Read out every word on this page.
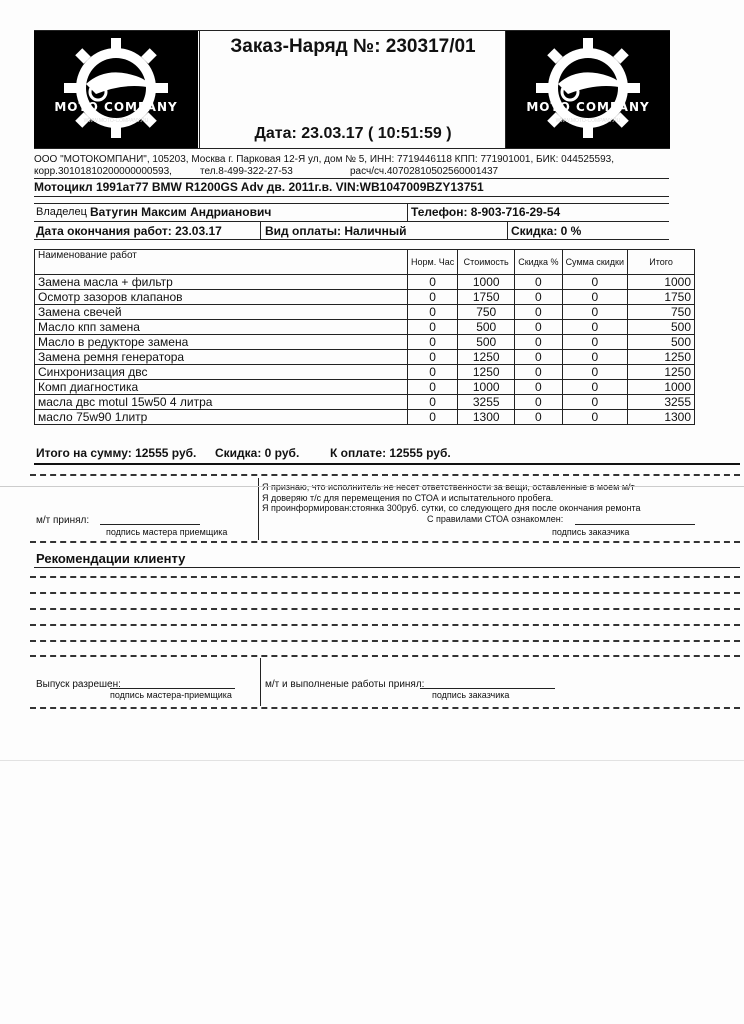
MOTO COMPANY
WWW.MOTO-COMPANY.RU
MOTO COMPANY
WWW.MOTO-COMPANY.RU
Заказ-Наряд №: 230317/01
Дата: 23.03.17 ( 10:51:59 )
ООО "МОТОКОМПАНИ", 105203, Москва г. Парковая 12-Я ул, дом № 5, ИНН: 7719446118 КПП: 771901001, БИК: 044525593,
корр.30101810200000000593,	тел.8-499-322-27-53	расч/сч.40702810502560001437
Мотоцикл 1991ат77 BMW R1200GS Adv дв. 2011г.в. VIN:WB1047009BZY13751
Владелец Ватугин Максим Андрианович	Телефон: 8-903-716-29-54
Дата окончания работ: 23.03.17	Вид оплаты: Наличный	Скидка: 0 %
Наименование работ	Норм. Час	Стоимость	Скидка %	Сумма скидки	Итого
Замена масла + фильтр	0	1000	0	0	1000
Осмотр зазоров клапанов	0	1750	0	0	1750
Замена свечей	0	750	0	0	750
Масло кпп замена	0	500	0	0	500
Масло в редукторе замена	0	500	0	0	500
Замена ремня генератора	0	1250	0	0	1250
Синхронизация двс	0	1250	0	0	1250
Комп диагностика	0	1000	0	0	1000
масла двс motul 15w50 4 литра	0	3255	0	0	3255
масло 75w90 1литр	0	1300	0	0	1300
Итого на сумму: 12555 руб. Скидка: 0 руб.	К оплате: 12555 руб.
м/т принял:
подпись мастера приемщика
Я признаю, что исполнитель не несет ответственности за вещи, оставленные в моем м/т
Я доверяю т/с для перемещения по СТОА и испытательного пробега.
Я проинформирован:стоянка 300руб. сутки, со следующего дня после окончания ремонта
С правилами СТОА ознакомлен:
подпись заказчика
Рекомендации клиенту
Выпуск разрешен:
подпись мастера-приемщика
м/т и выполненые работы принял:
подпись заказчика
